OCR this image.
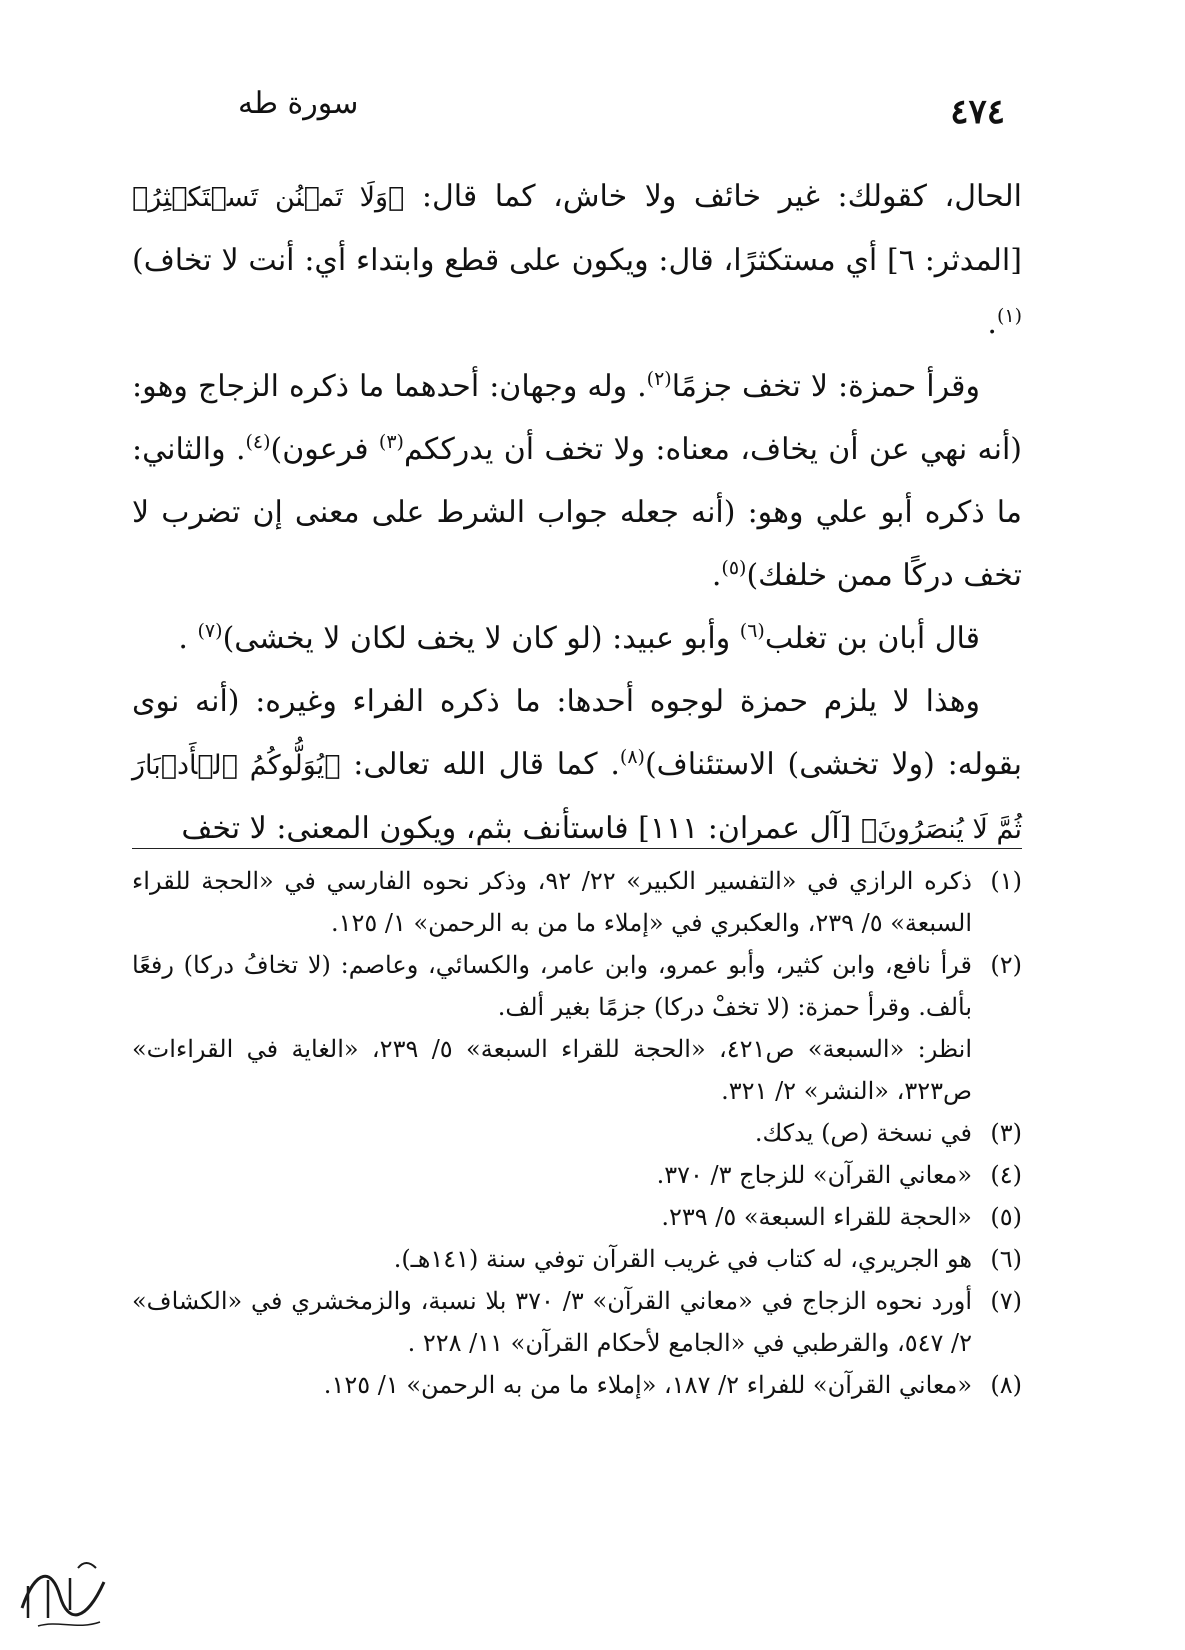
٤٧٤
سورة طه

الحال، كقولك: غير خائف ولا خاش، كما قال: ﴿وَلَا تَمۡنُن تَسۡتَكۡثِرُ﴾ [المدثر: ٦] أي مستكثرًا، قال: ويكون على قطع وابتداء أي: أنت لا تخاف)$^{(١)}$.

وقرأ حمزة: لا تخف جزمًا$^{(٢)}$. وله وجهان: أحدهما ما ذكره الزجاج وهو: (أنه نهي عن أن يخاف، معناه: ولا تخف أن يدرككم$^{(٣)}$ فرعون)$^{(٤)}$. والثاني: ما ذكره أبو علي وهو: (أنه جعله جواب الشرط على معنى إن تضرب لا تخف دركًا ممن خلفك)$^{(٥)}$.

قال أبان بن تغلب$^{(٦)}$ وأبو عبيد: (لو كان لا يخف لكان لا يخشى)$^{(٧)}$ .

وهذا لا يلزم حمزة لوجوه أحدها: ما ذكره الفراء وغيره: (أنه نوى بقوله: (ولا تخشى) الاستئناف)$^{(٨)}$. كما قال الله تعالى: ﴿يُوَلُّوكُمُ ٱلۡأَدۡبَارَ ثُمَّ لَا يُنصَرُونَ﴾ [آل عمران: ١١١] فاستأنف بثم، ويكون المعنى: لا تخف

(١)
ذكره الرازي في «التفسير الكبير» ٢٢/ ٩٢، وذكر نحوه الفارسي في «الحجة للقراء السبعة» ٥/ ٢٣٩، والعكبري في «إملاء ما من به الرحمن» ١/ ١٢٥.
(٢)
قرأ نافع، وابن كثير، وأبو عمرو، وابن عامر، والكسائي، وعاصم: (لا تخافُ دركا) رفعًا بألف. وقرأ حمزة: (لا تخفْ دركا) جزمًا بغير ألف.
انظر: «السبعة» ص٤٢١، «الحجة للقراء السبعة» ٥/ ٢٣٩، «الغاية في القراءات» ص٣٢٣، «النشر» ٢/ ٣٢١.
(٣)
في نسخة (ص) يدكك.
(٤)
«معاني القرآن» للزجاج ٣/ ٣٧٠.
(٥)
«الحجة للقراء السبعة» ٥/ ٢٣٩.
(٦)
هو الجريري، له كتاب في غريب القرآن توفي سنة (١٤١هـ).
(٧)
أورد نحوه الزجاج في «معاني القرآن» ٣/ ٣٧٠ بلا نسبة، والزمخشري في «الكشاف» ٢/ ٥٤٧، والقرطبي في «الجامع لأحكام القرآن» ١١/ ٢٢٨ .
(٨)
«معاني القرآن» للفراء ٢/ ١٨٧، «إملاء ما من به الرحمن» ١/ ١٢٥.
